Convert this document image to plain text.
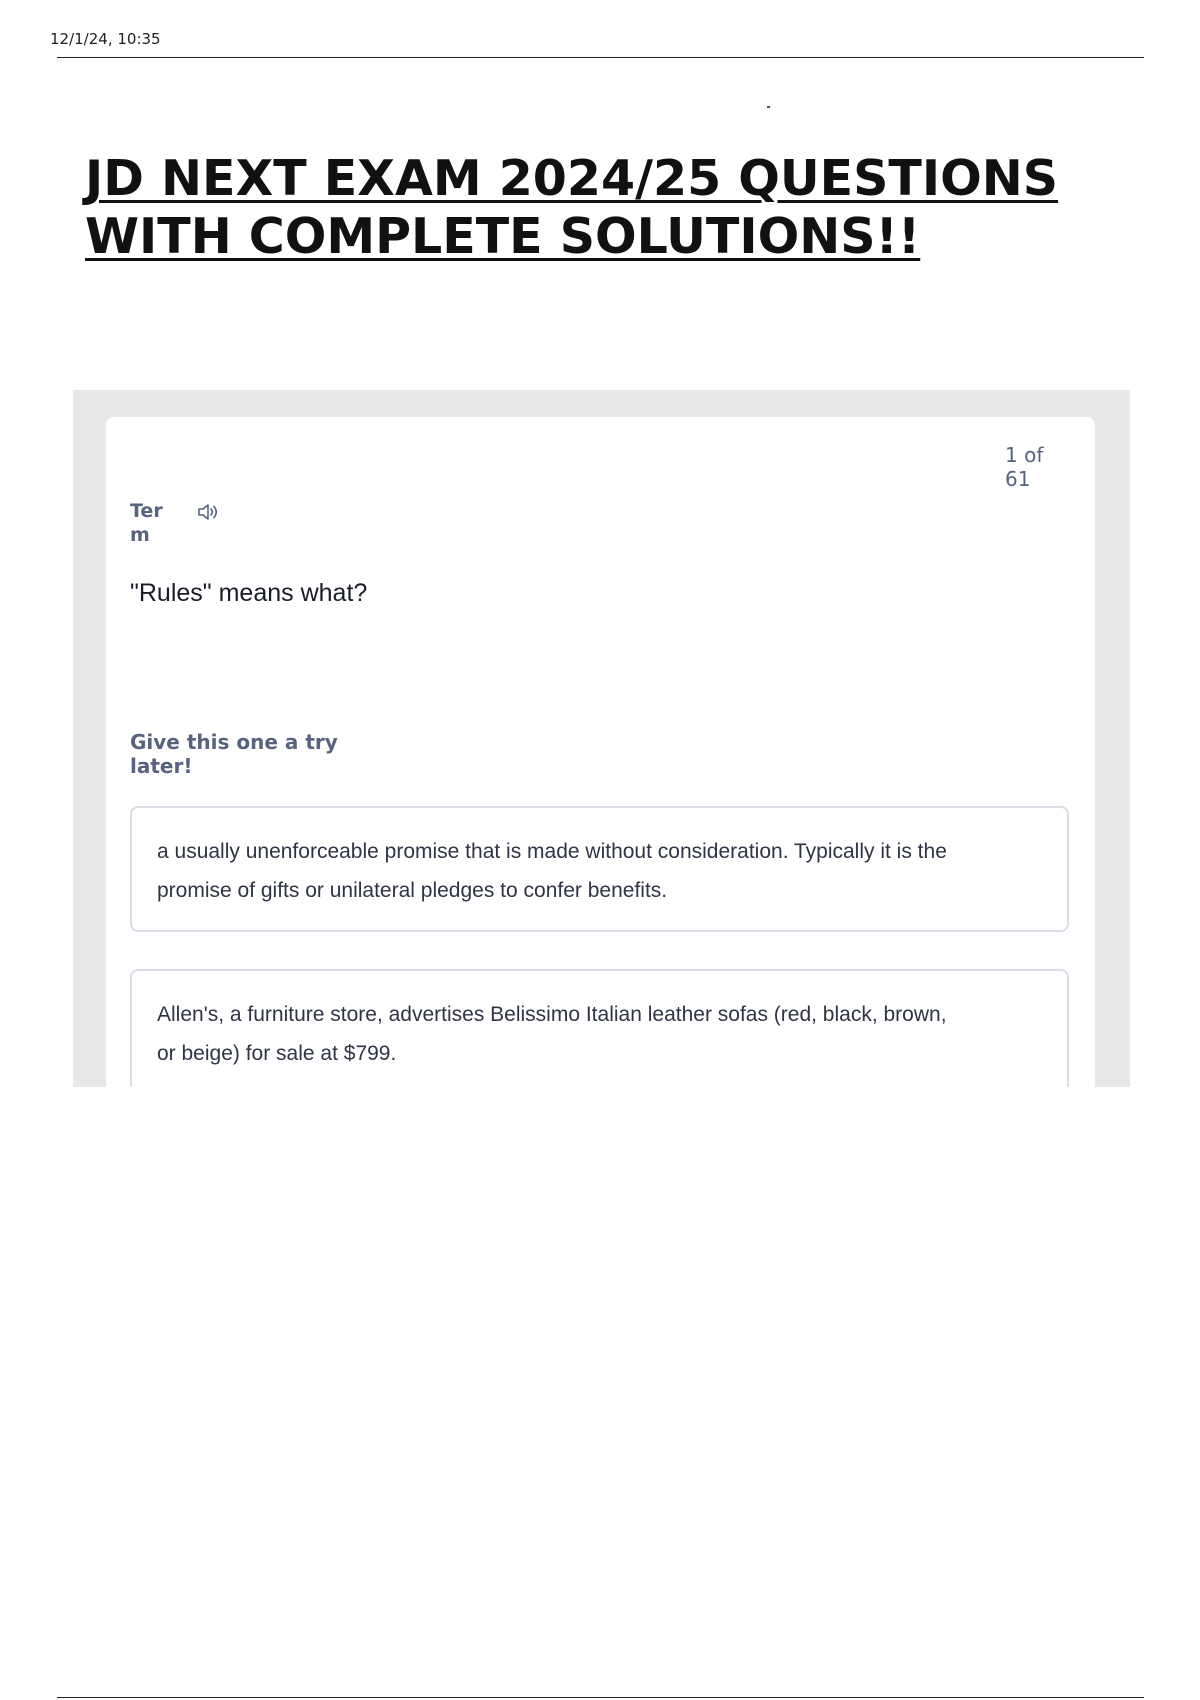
12/1/24, 10:35
JD NEXT EXAM 2024/25 QUESTIONS WITH COMPLETE SOLUTIONS!!
1 of 61
Term
"Rules" means what?
Give this one a try later!
a usually unenforceable promise that is made without consideration. Typically it is the promise of gifts or unilateral pledges to confer benefits.
Allen's, a furniture store, advertises Belissimo Italian leather sofas (red, black, brown, or beige) for sale at $799.
